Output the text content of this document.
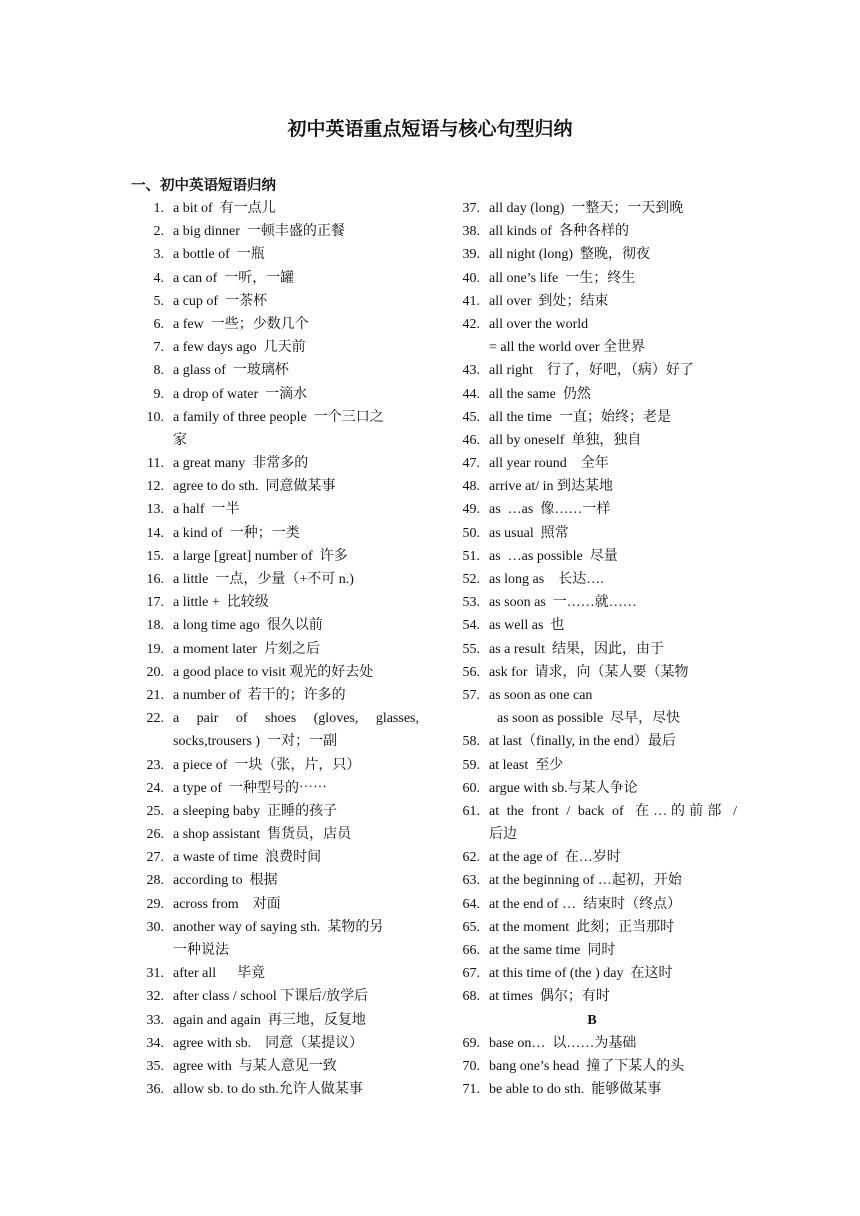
初中英语重点短语与核心句型归纳
一、初中英语短语归纳
1. a bit of  有一点儿
2. a big dinner  一顿丰盛的正餐
3. a bottle of  一瓶
4. a can of  一听，一罐
5. a cup of  一茶杯
6. a few  一些；少数几个
7. a few days ago  几天前
8. a glass of  一玻璃杯
9. a drop of water  一滴水
10. a family of three people  一个三口之
家
11. a great many  非常多的
12. agree to do sth.  同意做某事
13. a half  一半
14. a kind of  一种；一类
15. a large [great] number of  许多
16. a little  一点，少量（+不可 n.)
17. a little +  比较级
18. a long time ago  很久以前
19. a moment later  片刻之后
20. a good place to visit 观光的好去处
21. a number of  若干的；许多的
22. a    pair    of    shoes    (gloves,    glasses,
socks,trousers )  一对；一副
23. a piece of  一块（张，片，只）
24. a type of  一种型号的⋯⋯
25. a sleeping baby  正睡的孩子
26. a shop assistant  售货员，店员
27. a waste of time  浪费时间
28. according to  根据
29. across from    对面
30. another way of saying sth.  某物的另
一种说法
31. after all      毕竟
32. after class / school 下课后/放学后
33. again and again  再三地，反复地
34. agree with sb.    同意（某提议）
35. agree with  与某人意见一致
36. allow sb. to do sth.允许人做某事
37. all day (long)  一整天；一天到晚
38. all kinds of  各种各样的
39. all night (long)  整晚，彻夜
40. all one’s life  一生；终生
41. all over  到处；结束
42. all over the world
= all the world over 全世界
43. all right    行了，好吧，（病）好了
44. all the same  仍然
45. all the time  一直；始终；老是
46. all by oneself  单独，独自
47. all year round    全年
48. arrive at/ in 到达某地
49. as  …as  像……一样
50. as usual  照常
51. as  …as possible  尽量
52. as long as    长达….
53. as soon as  一……就……
54. as well as  也
55. as a result  结果，因此，由于
56. ask for  请求，向（某人要（某物
57. as soon as one can
as soon as possible  尽早，尽快
58. at last（finally, in the end）最后
59. at least  至少
60. argue with sb.与某人争论
61. at  the  front  /  back  of   在 … 的 前 部   /
后边
62. at the age of  在…岁时
63. at the beginning of …起初，开始
64. at the end of …  结束时（终点）
65. at the moment  此刻；正当那时
66. at the same time  同时
67. at this time of (the ) day  在这时
68. at times  偶尔；有时
B
69. base on…  以……为基础
70. bang one’s head  撞了下某人的头
71. be able to do sth.  能够做某事
